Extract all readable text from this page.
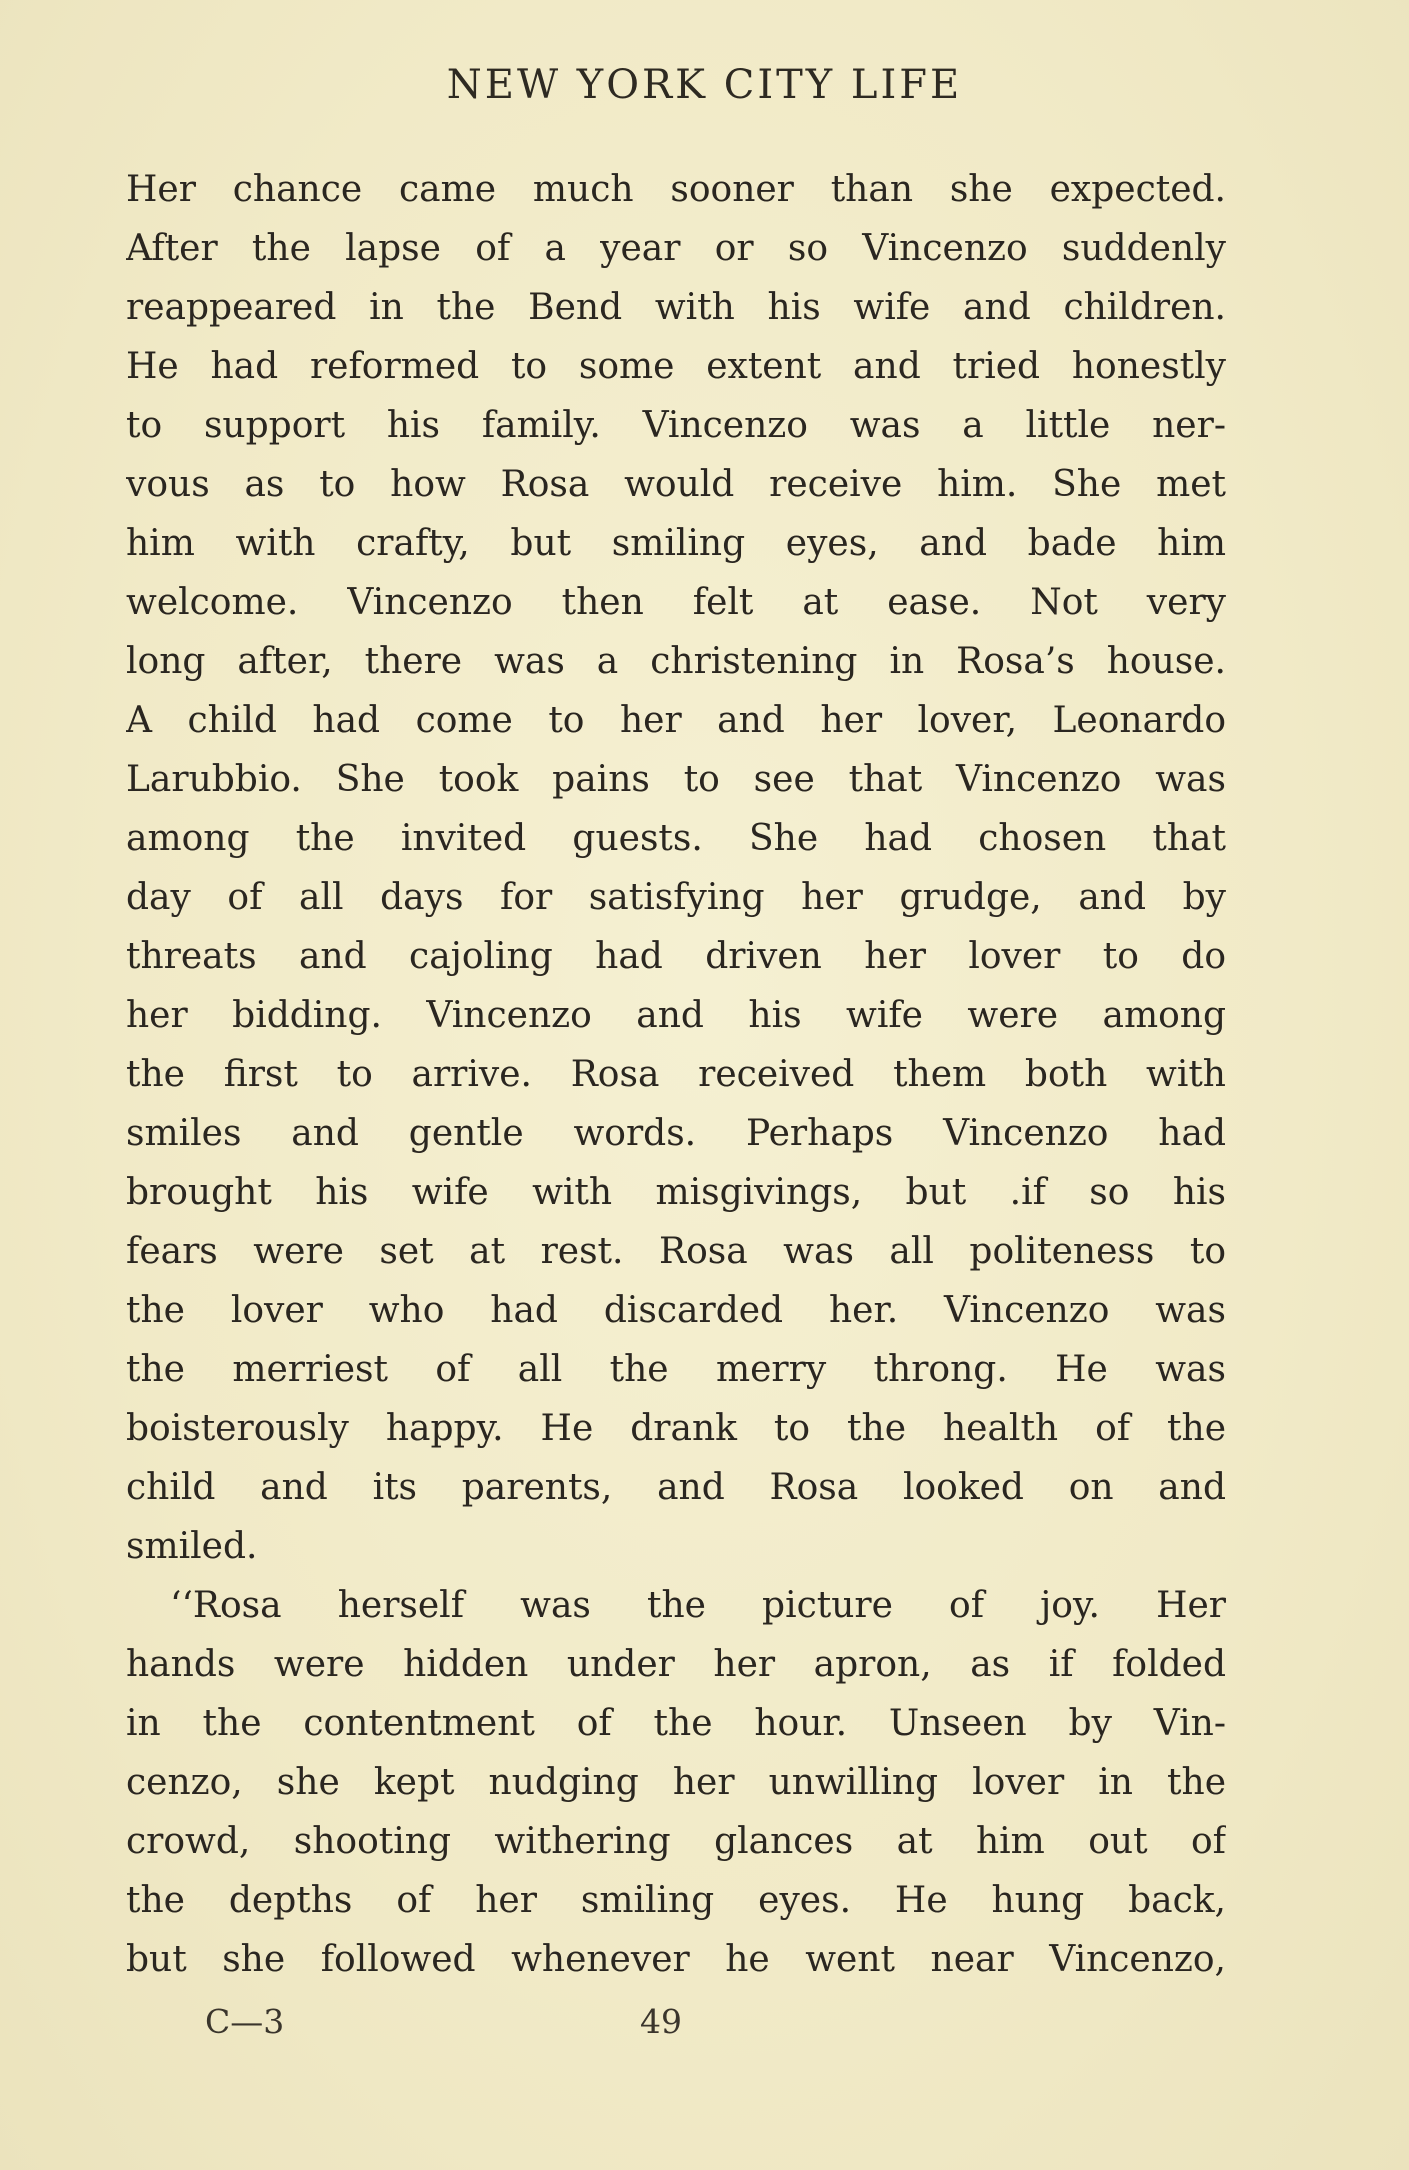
NEW YORK CITY LIFE
Her chance came much sooner than she expected.
After the lapse of a year or so Vincenzo suddenly
reappeared in the Bend with his wife and children.
He had reformed to some extent and tried honestly
to support his family. Vincenzo was a little ner-
vous as to how Rosa would receive him. She met
him with crafty, but smiling eyes, and bade him
welcome. Vincenzo then felt at ease. Not very
long after, there was a christening in Rosa’s house.
A child had come to her and her lover, Leonardo
Larubbio. She took pains to see that Vincenzo was
among the invited guests. She had chosen that
day of all days for satisfying her grudge, and by
threats and cajoling had driven her lover to do
her bidding. Vincenzo and his wife were among
the first to arrive. Rosa received them both with
smiles and gentle words. Perhaps Vincenzo had
brought his wife with misgivings, but .if so his
fears were set at rest. Rosa was all politeness to
the lover who had discarded her. Vincenzo was
the merriest of all the merry throng. He was
boisterously happy. He drank to the health of the
child and its parents, and Rosa looked on and
smiled.
‘‘Rosa herself was the picture of joy. Her
hands were hidden under her apron, as if folded
in the contentment of the hour. Unseen by Vin-
cenzo, she kept nudging her unwilling lover in the
crowd, shooting withering glances at him out of
the depths of her smiling eyes. He hung back,
but she followed whenever he went near Vincenzo,
C—3	49
